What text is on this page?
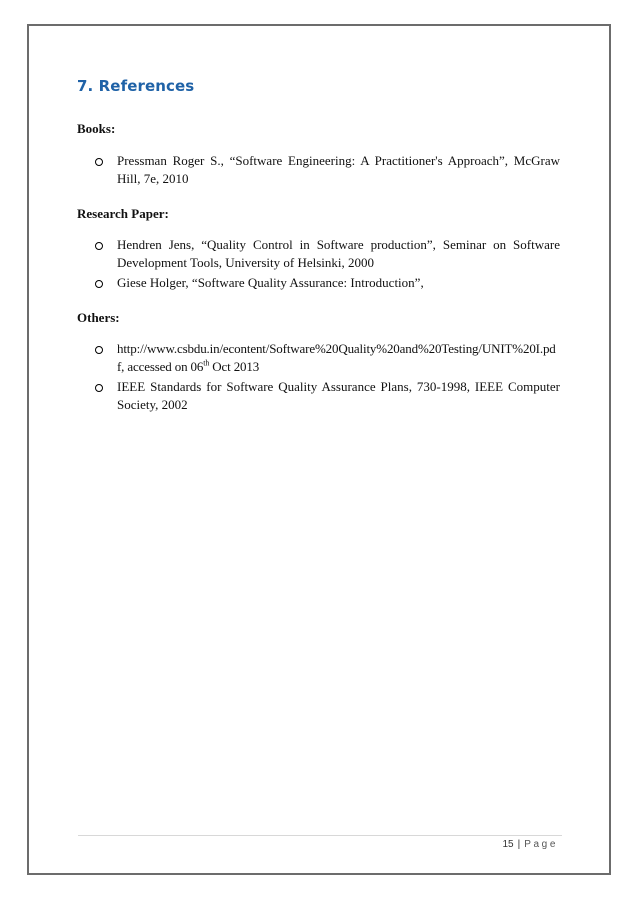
7. References

Books:

Pressman Roger S., “Software Engineering: A Practitioner's Approach”, McGraw Hill, 7e, 2010

Research Paper:

Hendren Jens, “Quality Control in Software production”, Seminar on Software Development Tools, University of Helsinki, 2000
Giese Holger, “Software Quality Assurance: Introduction”,

Others:

http://www.csbdu.in/econtent/Software%20Quality%20and%20Testing/UNIT%20I.pdf, accessed on 06th Oct 2013
IEEE Standards for Software Quality Assurance Plans, 730-1998, IEEE Computer Society, 2002
15 | Page
